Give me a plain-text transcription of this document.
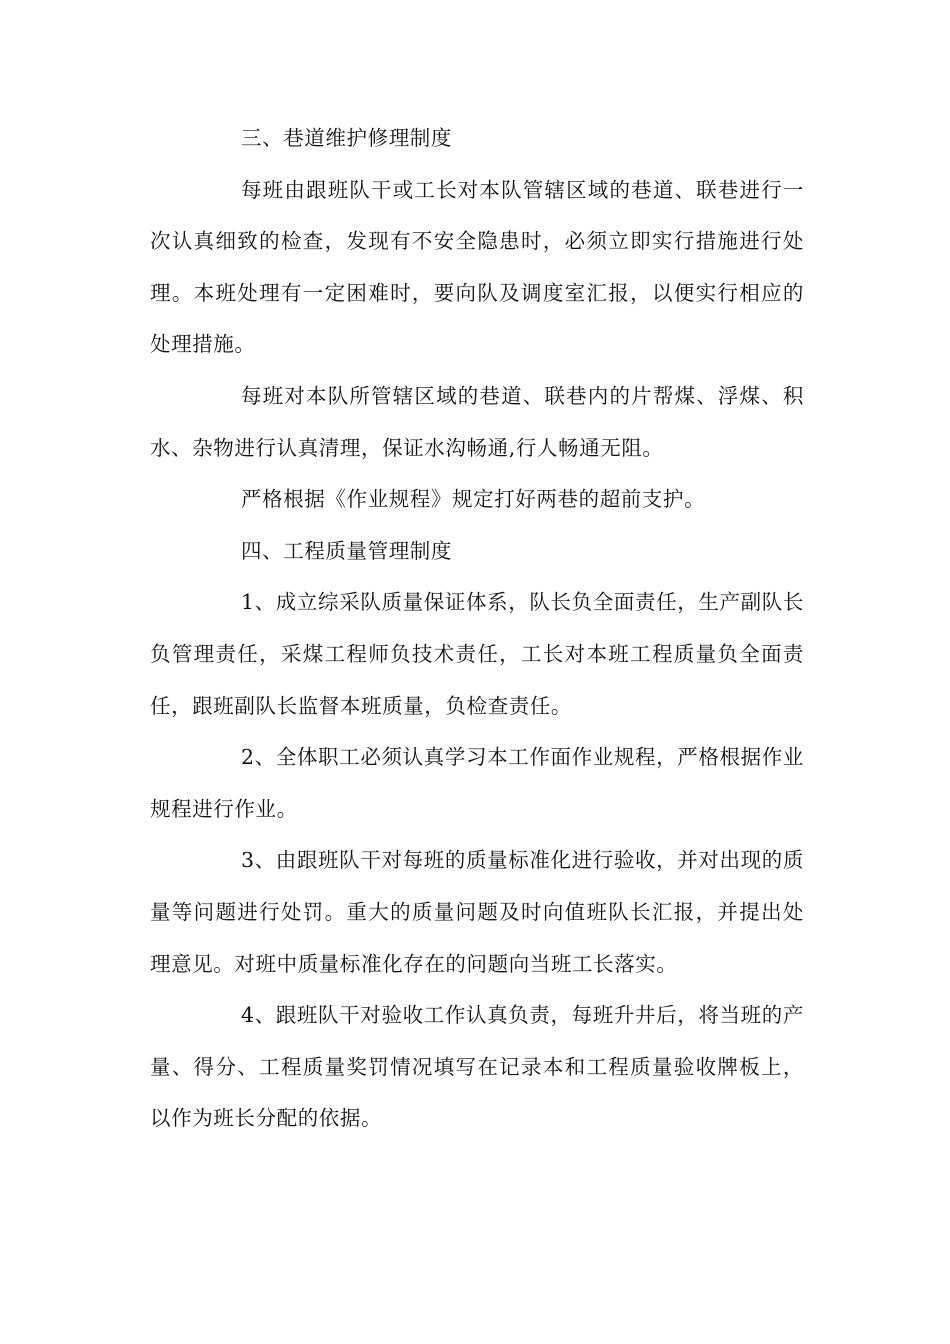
三、巷道维护修理制度

每班由跟班队干或工长对本队管辖区域的巷道、联巷进行一次认真细致的检查，发现有不安全隐患时，必须立即实行措施进行处理。本班处理有一定困难时，要向队及调度室汇报，以便实行相应的处理措施。

每班对本队所管辖区域的巷道、联巷内的片帮煤、浮煤、积水、杂物进行认真清理，保证水沟畅通,行人畅通无阻。

严格根据《作业规程》规定打好两巷的超前支护。

四、工程质量管理制度

1、成立综采队质量保证体系，队长负全面责任，生产副队长负管理责任，采煤工程师负技术责任，工长对本班工程质量负全面责任，跟班副队长监督本班质量，负检查责任。

2、全体职工必须认真学习本工作面作业规程，严格根据作业规程进行作业。

3、由跟班队干对每班的质量标准化进行验收，并对出现的质量等问题进行处罚。重大的质量问题及时向值班队长汇报，并提出处理意见。对班中质量标准化存在的问题向当班工长落实。

4、跟班队干对验收工作认真负责，每班升井后，将当班的产量、得分、工程质量奖罚情况填写在记录本和工程质量验收牌板上，以作为班长分配的依据。
